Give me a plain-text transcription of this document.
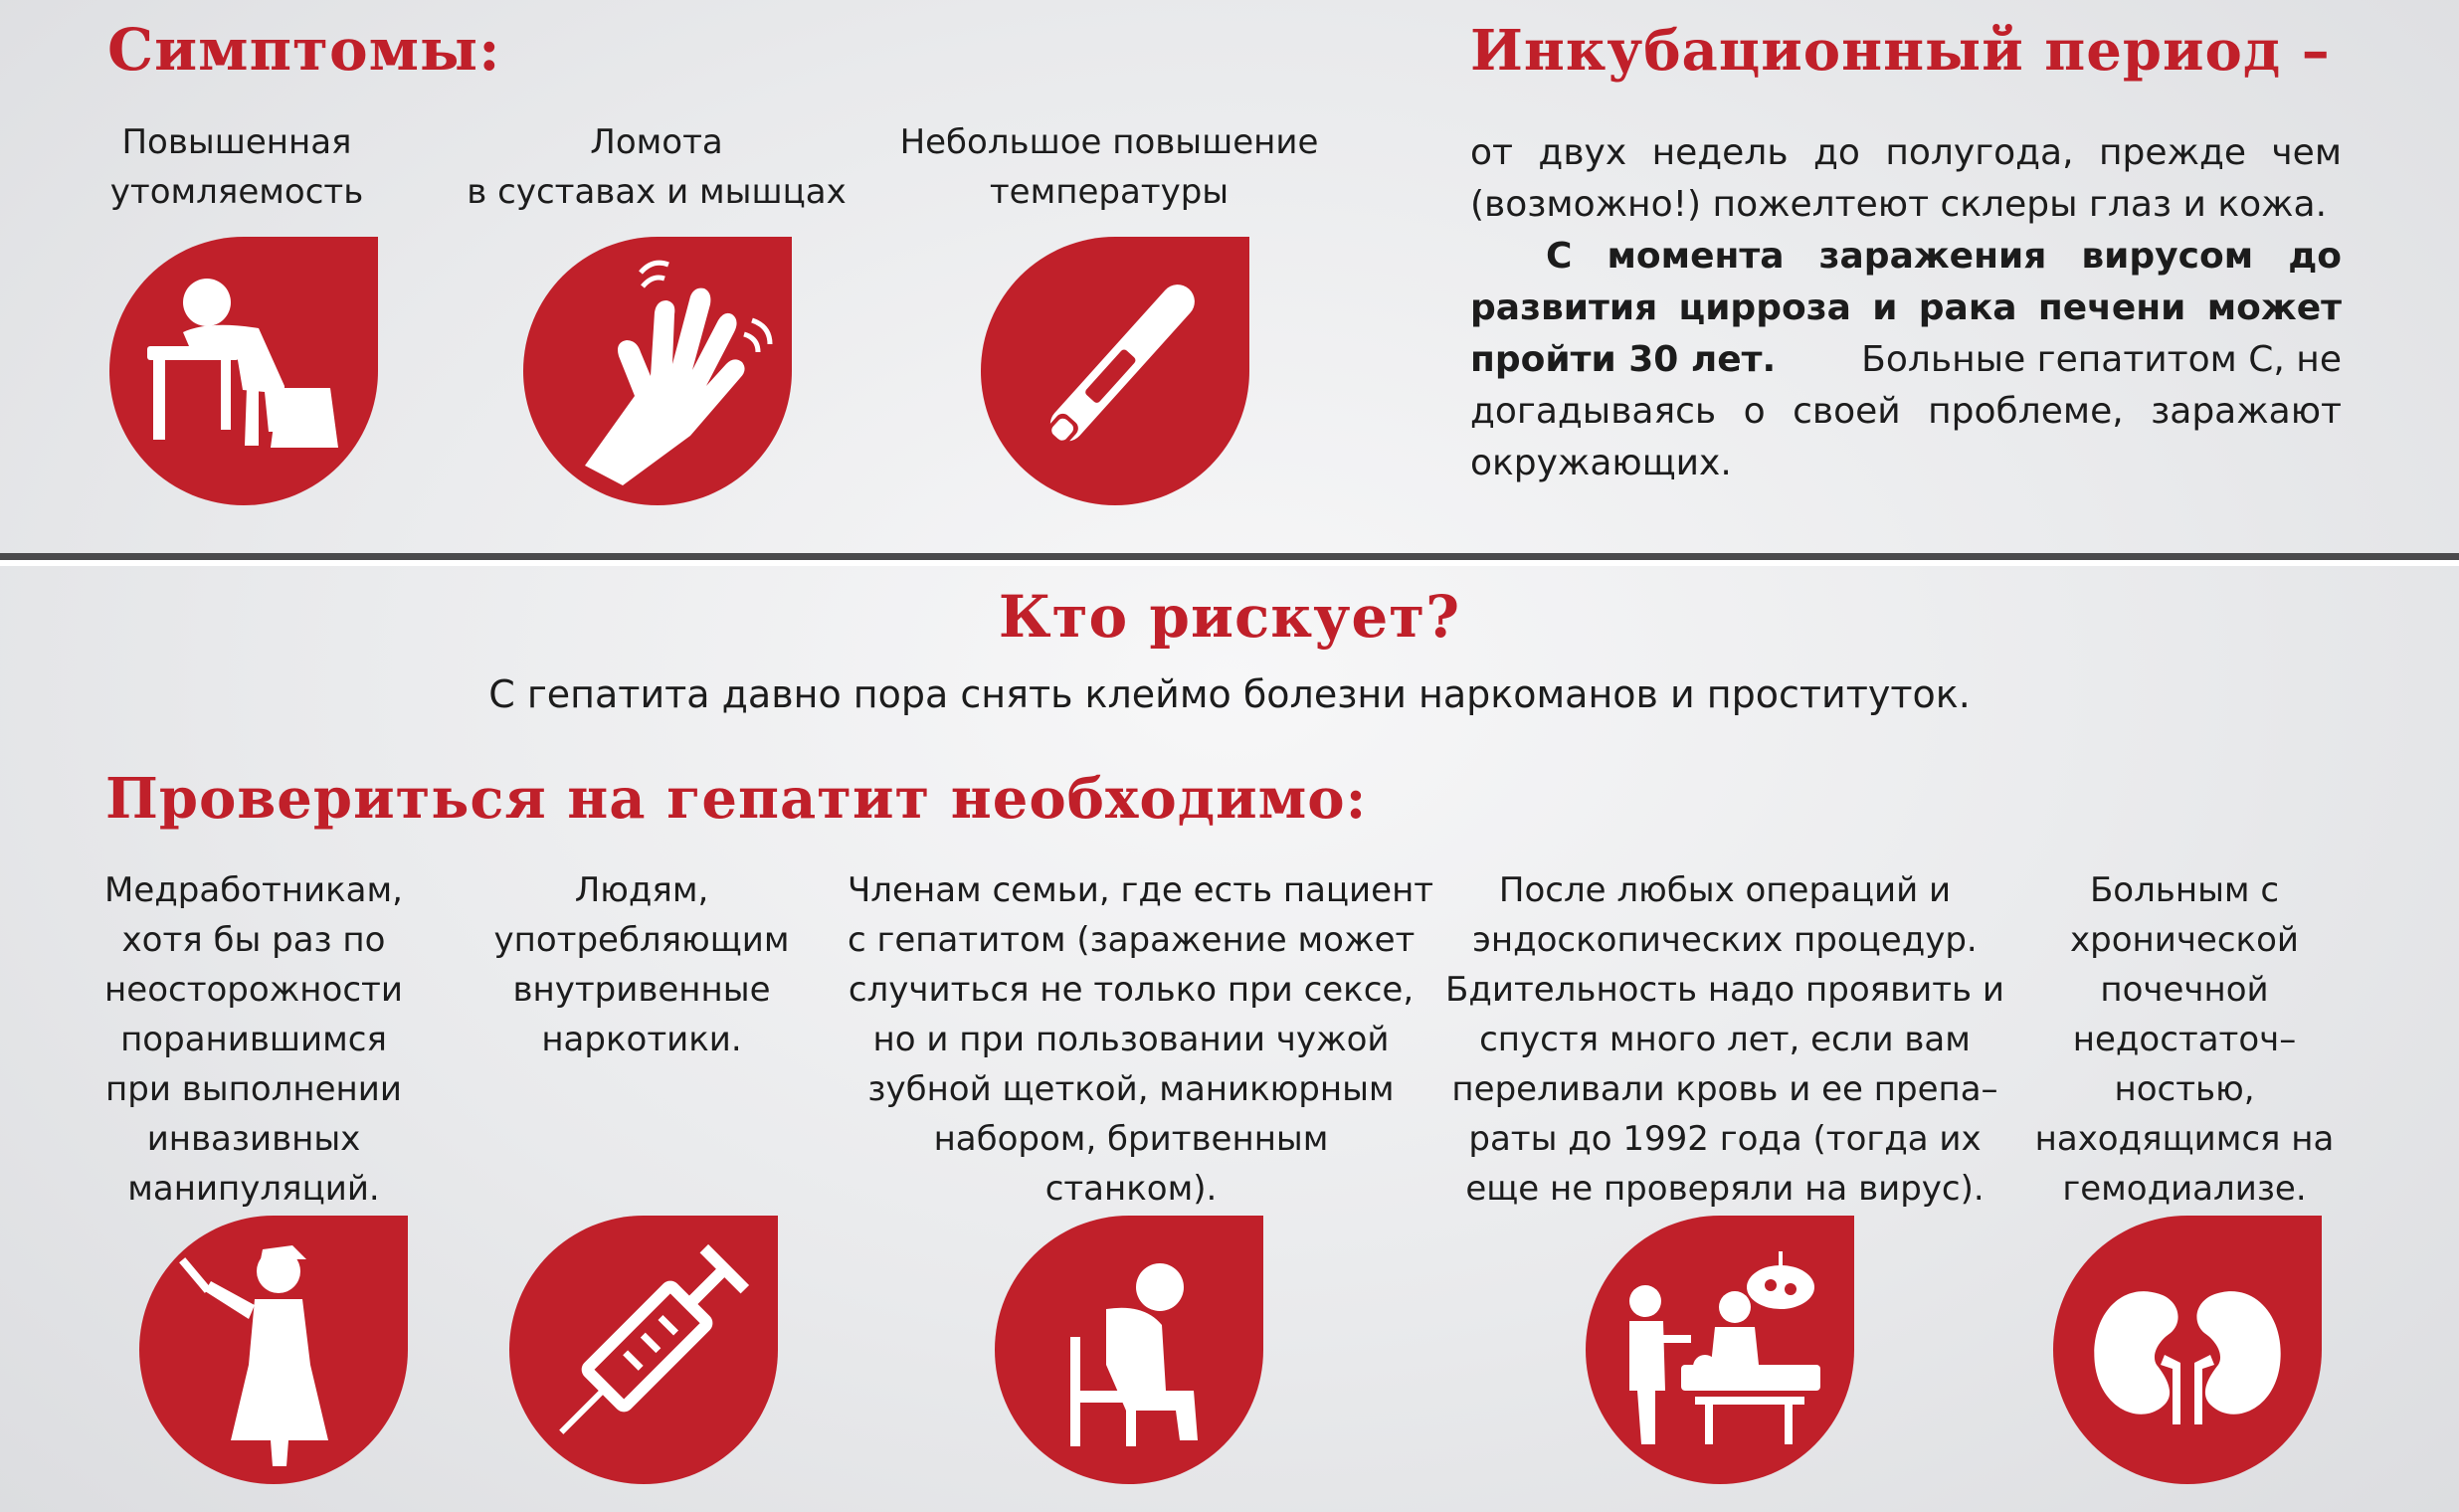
Симптомы:
Повышенная
утомляемость
Ломота
в суставах и мышцах
Небольшое повышение
температуры
Инкубационный период –
от двух недель до полугода, прежде чем
(возможно!) пожелтеют склеры глаз и кожа.
С момента заражения вирусом до
развития цирроза и рака печени может
пройти 30 лет. Больные гепатитом С, не
догадываясь о своей проблеме, заражают
окружающих.
Кто рискует?
С гепатита давно пора снять клеймо болезни наркоманов и проституток.
Провериться на гепатит необходимо:
Медработникам,
хотя бы раз по
неосторожности
поранившимся
при выполнении
инвазивных
манипуляций.
Людям,
употребляющим
внутривенные
наркотики.
Членам семьи, где есть пациент
с гепатитом (заражение может
случиться не только при сексе,
но и при пользовании чужой
зубной щеткой, маникюрным
набором, бритвенным
станком).
После любых операций и
эндоскопических процедур.
Бдительность надо проявить и
спустя много лет, если вам
переливали кровь и ее препа–
раты до 1992 года (тогда их
еще не проверяли на вирус).
Больным с
хронической
почечной
недостаточ–
ностью,
находящимся на
гемодиализе.
